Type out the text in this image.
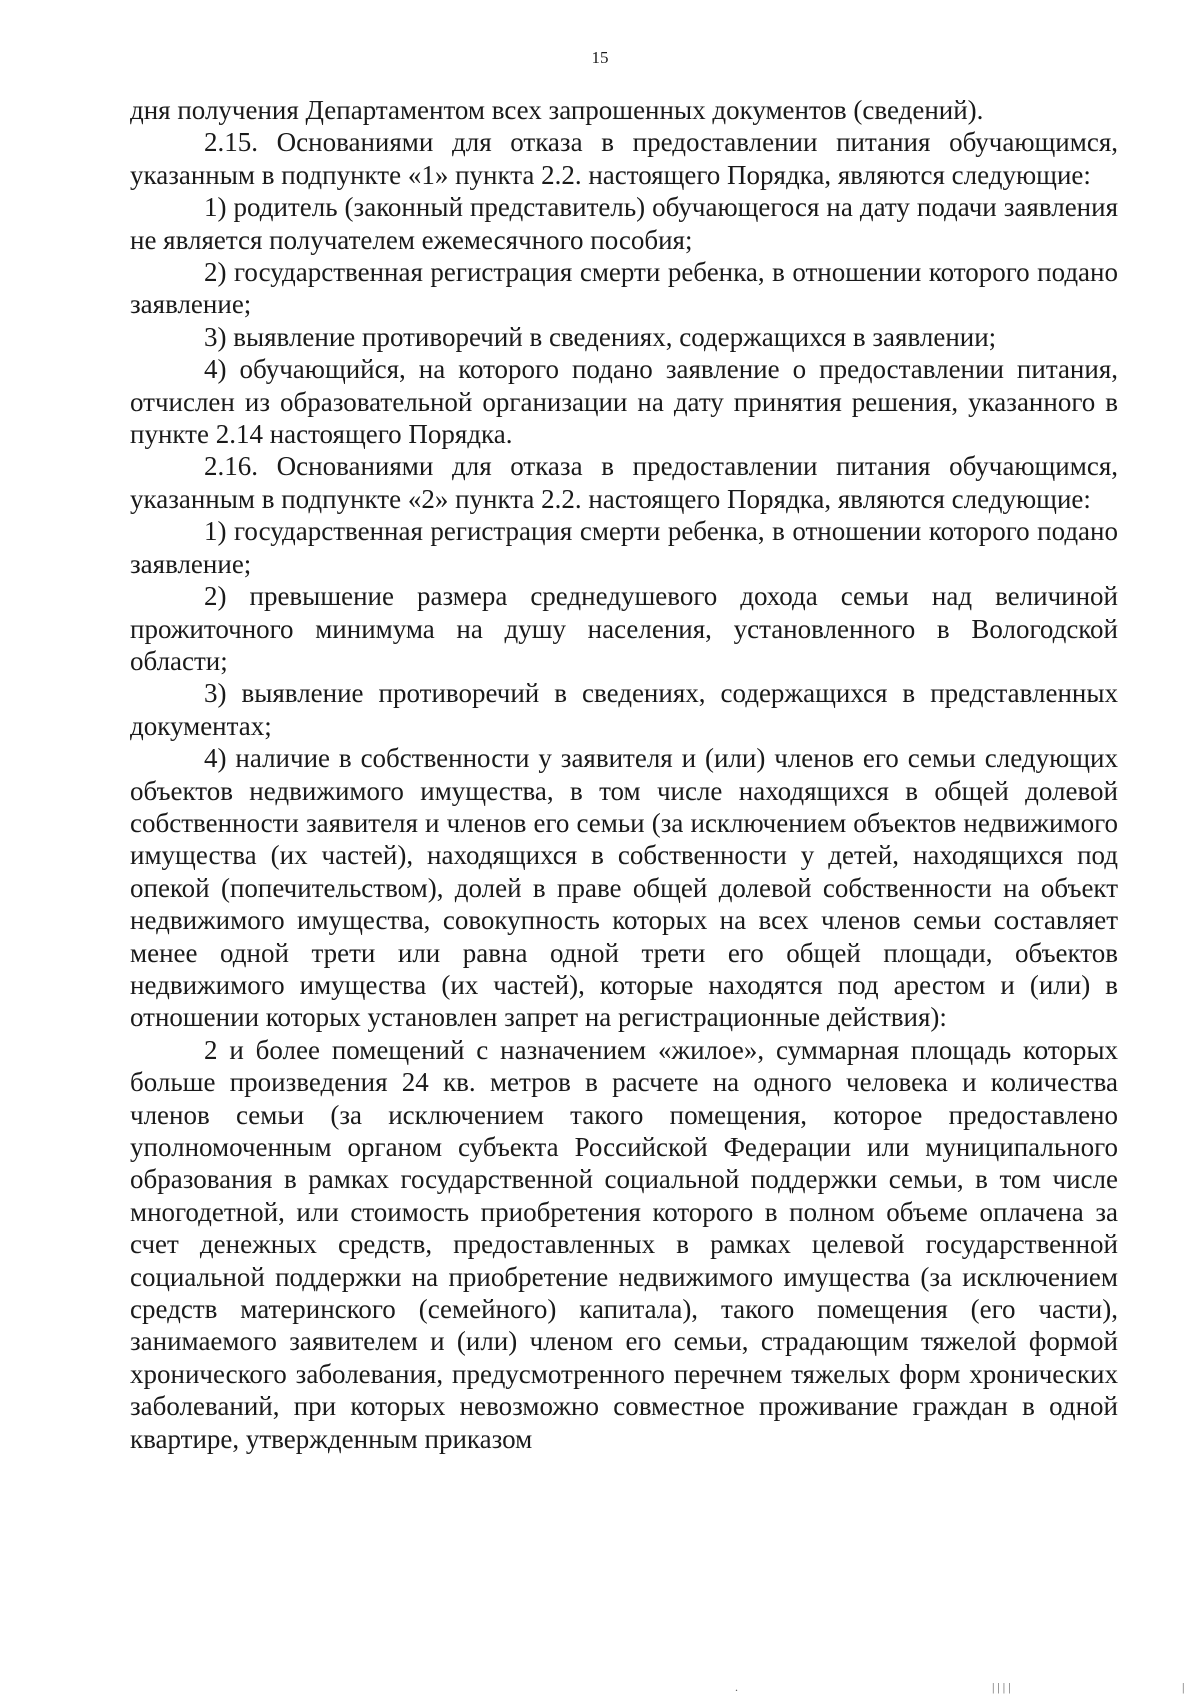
15

дня получения Департаментом всех запрошенных документов (сведений).

2.15. Основаниями для отказа в предоставлении питания обучающимся, указанным в подпункте «1» пункта 2.2. настоящего Порядка, являются следующие:

1) родитель (законный представитель) обучающегося на дату подачи заявления не является получателем ежемесячного пособия;

2) государственная регистрация смерти ребенка, в отношении которого подано заявление;

3) выявление противоречий в сведениях, содержащихся в заявлении;

4) обучающийся, на которого подано заявление о предоставлении питания, отчислен из образовательной организации на дату принятия решения, указанного в пункте 2.14 настоящего Порядка.

2.16. Основаниями для отказа в предоставлении питания обучающимся, указанным в подпункте «2» пункта 2.2. настоящего Порядка, являются следующие:

1) государственная регистрация смерти ребенка, в отношении которого подано заявление;

2) превышение размера среднедушевого дохода семьи над величиной прожиточного минимума на душу населения, установленного в Вологодской области;

3) выявление противоречий в сведениях, содержащихся в представленных документах;

4) наличие в собственности у заявителя и (или) членов его семьи следующих объектов недвижимого имущества, в том числе находящихся в общей долевой собственности заявителя и членов его семьи (за исключением объектов недвижимого имущества (их частей), находящихся в собственности у детей, находящихся под опекой (попечительством), долей в праве общей долевой собственности на объект недвижимого имущества, совокупность которых на всех членов семьи составляет менее одной трети или равна одной трети его общей площади, объектов недвижимого имущества (их частей), которые находятся под арестом и (или) в отношении которых установлен запрет на регистрационные действия):

2 и более помещений с назначением «жилое», суммарная площадь которых больше произведения 24 кв. метров в расчете на одного человека и количества членов семьи (за исключением такого помещения, которое предоставлено уполномоченным органом субъекта Российской Федерации или муниципального образования в рамках государственной социальной поддержки семьи, в том числе многодетной, или стоимость приобретения которого в полном объеме оплачена за счет денежных средств, предоставленных в рамках целевой государственной социальной поддержки на приобретение недвижимого имущества (за исключением средств материнского (семейного) капитала), такого помещения (его части), занимаемого заявителем и (или) членом его семьи, страдающим тяжелой формой хронического заболевания, предусмотренного перечнем тяжелых форм хронических заболеваний, при которых невозможно совместное проживание граждан в одной квартире, утвержденным приказом

.	| | | |	|
